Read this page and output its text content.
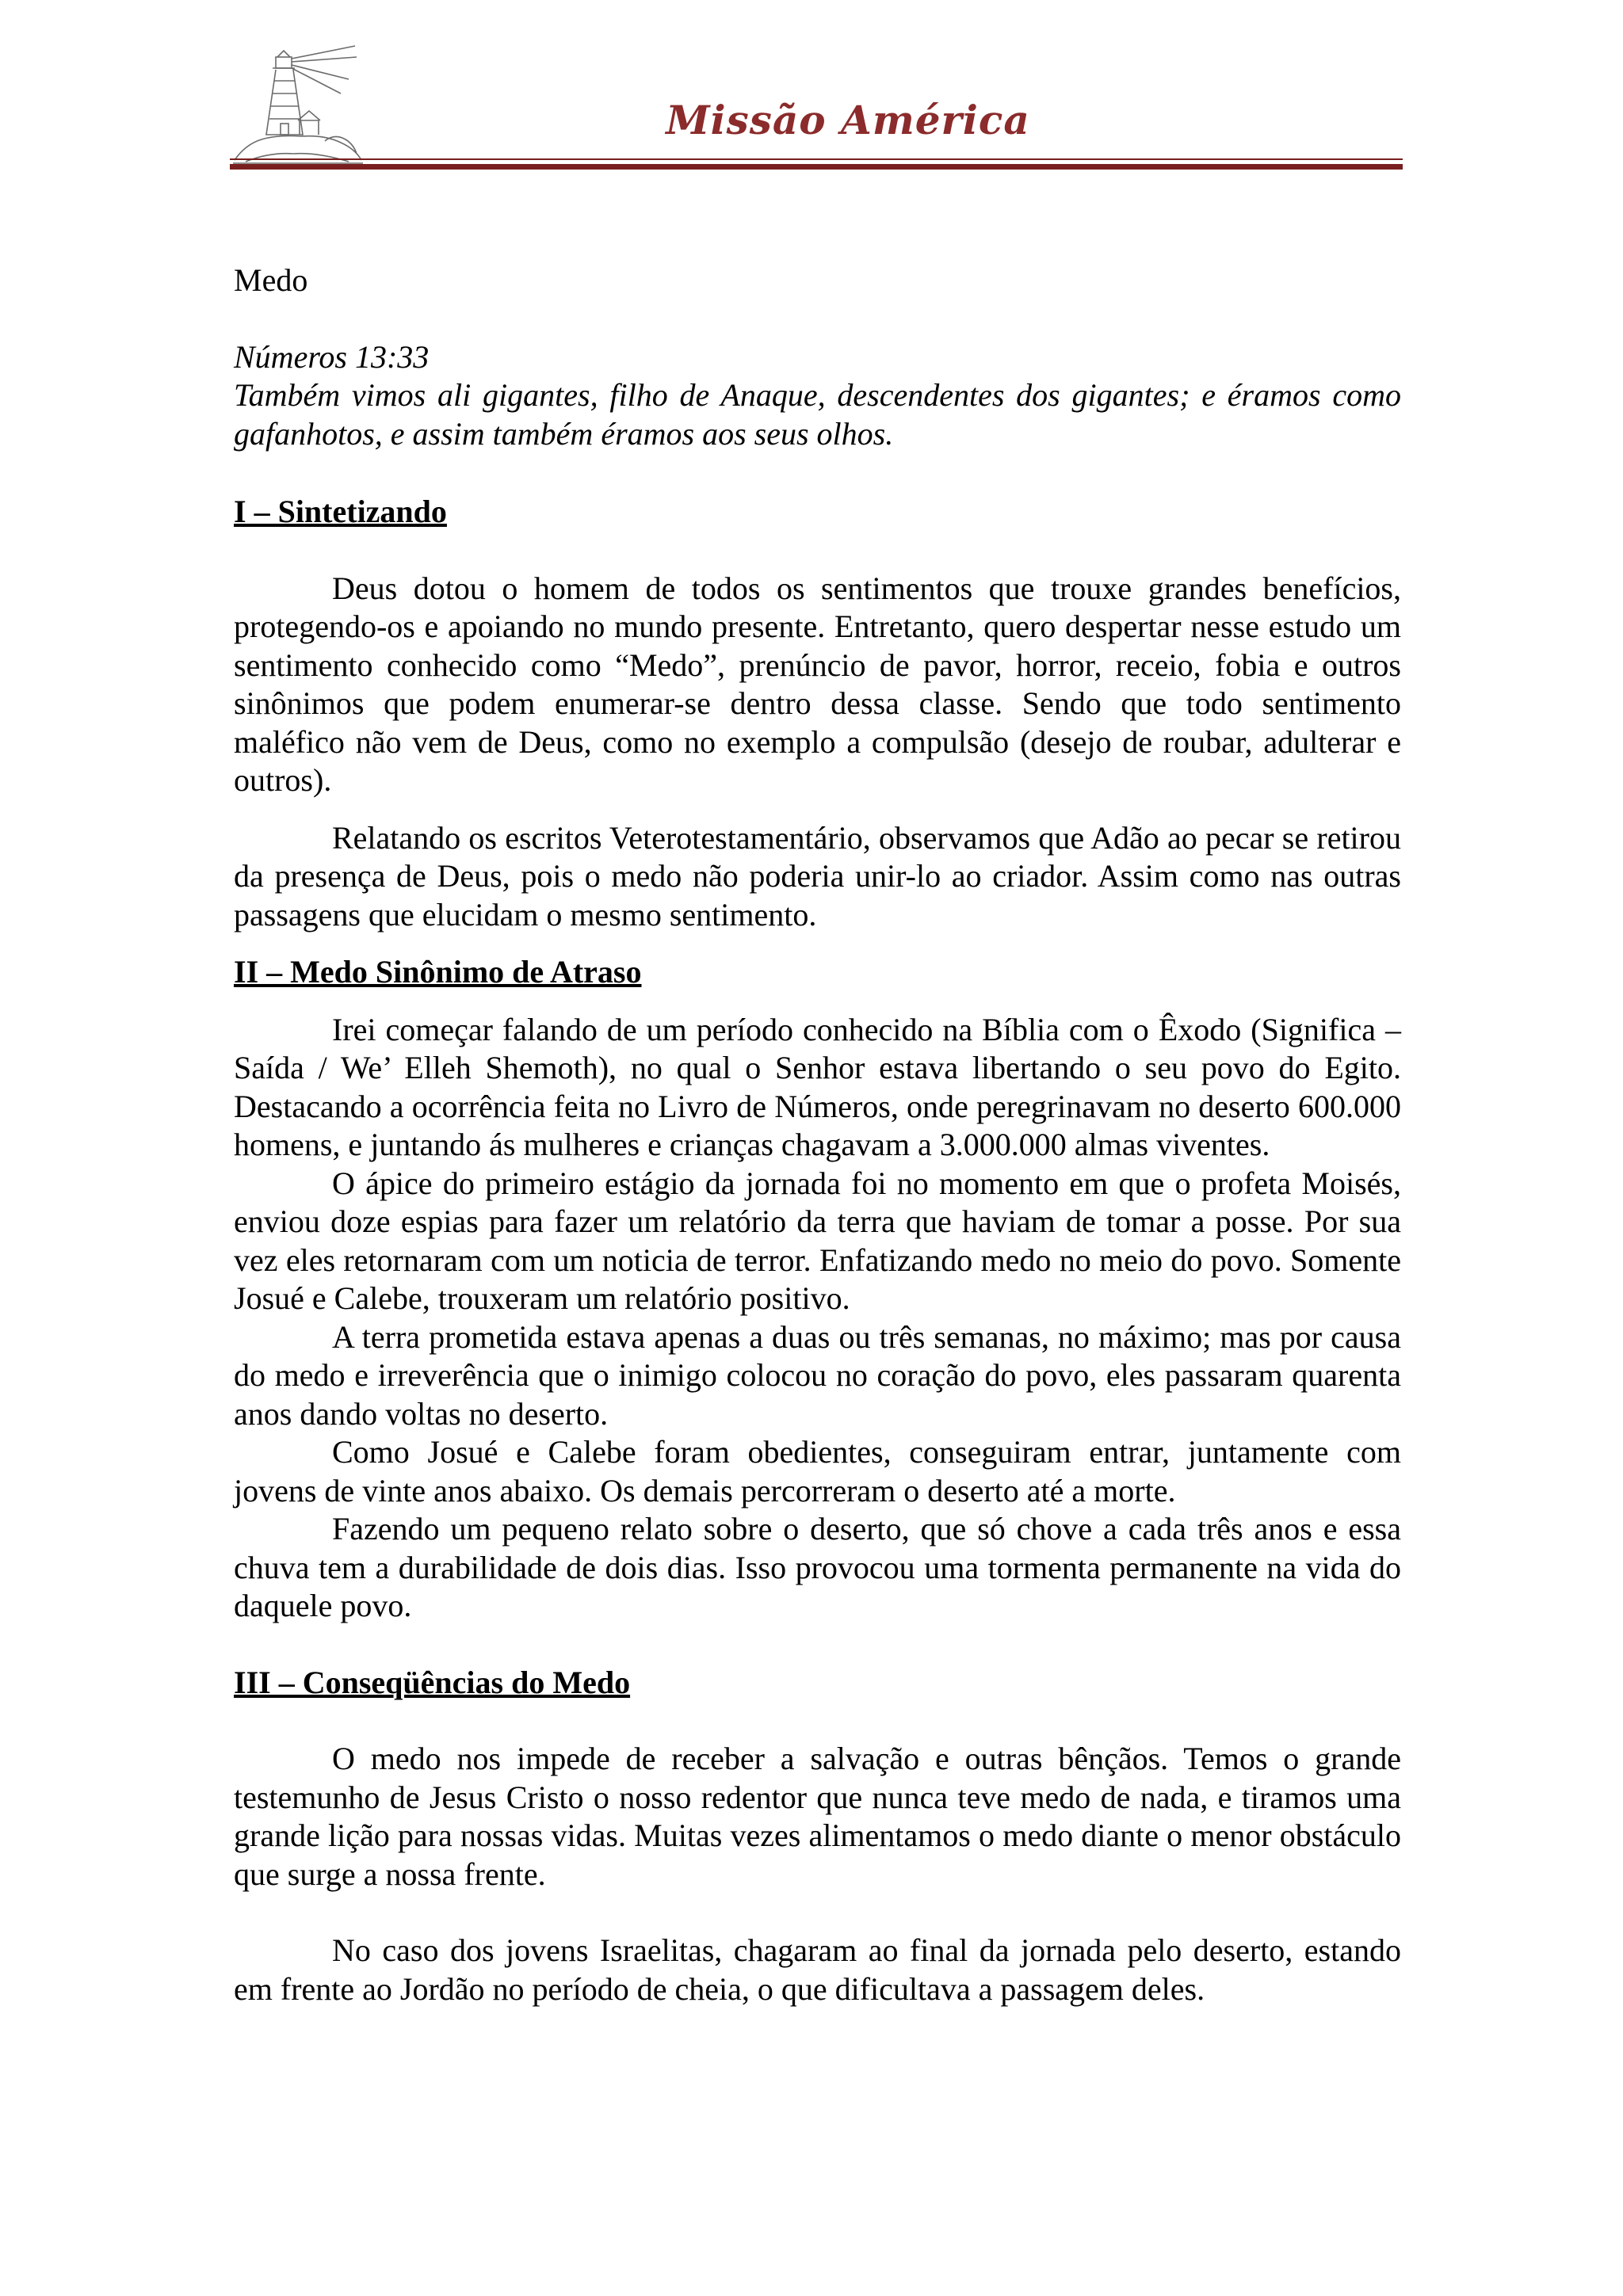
Missão América

Medo

Números 13:33

Também vimos ali gigantes, filho de Anaque, descendentes dos gigantes; e éramos como gafanhotos, e assim também éramos aos seus olhos.

I – Sintetizando

Deus dotou o homem de todos os sentimentos que trouxe grandes benefícios, protegendo-os e apoiando no mundo presente. Entretanto, quero despertar nesse estudo um sentimento conhecido como “Medo”, prenúncio de pavor, horror, receio, fobia e outros sinônimos que podem enumerar-se dentro dessa classe. Sendo que todo sentimento maléfico não vem de Deus, como no exemplo a compulsão (desejo de roubar, adulterar e outros).

Relatando os escritos Veterotestamentário, observamos que Adão ao pecar se retirou da presença de Deus, pois o medo não poderia unir-lo ao criador. Assim como nas outras passagens que elucidam o mesmo sentimento.

II – Medo Sinônimo de Atraso

Irei começar falando de um período conhecido na Bíblia com o Êxodo (Significa – Saída / We’ Elleh Shemoth), no qual o Senhor estava libertando o seu povo do Egito. Destacando a ocorrência feita no Livro de Números, onde peregrinavam no deserto 600.000 homens, e juntando ás mulheres e crianças chagavam a 3.000.000 almas viventes.

O ápice do primeiro estágio da jornada foi no momento em que o profeta Moisés, enviou doze espias para fazer um relatório da terra que haviam de tomar a posse. Por sua vez eles retornaram com um noticia de terror. Enfatizando medo no meio do povo. Somente Josué e Calebe, trouxeram um relatório positivo.

A terra prometida estava apenas a duas ou três semanas, no máximo; mas por causa do medo e irreverência que o inimigo colocou no coração do povo, eles passaram quarenta anos dando voltas no deserto.

Como Josué e Calebe foram obedientes, conseguiram entrar, juntamente com jovens de vinte anos abaixo. Os demais percorreram o deserto até a morte.

Fazendo um pequeno relato sobre o deserto, que só chove a cada três anos e essa chuva tem a durabilidade de dois dias. Isso provocou uma tormenta permanente na vida do daquele povo.

III – Conseqüências do Medo

O medo nos impede de receber a salvação e outras bênçãos. Temos o grande testemunho de Jesus Cristo o nosso redentor que nunca teve medo de nada, e tiramos uma grande lição para nossas vidas. Muitas vezes alimentamos o medo diante o menor obstáculo que surge a nossa frente.

No caso dos jovens Israelitas, chagaram ao final da jornada pelo deserto, estando em frente ao Jordão no período de cheia, o que dificultava a passagem deles.
